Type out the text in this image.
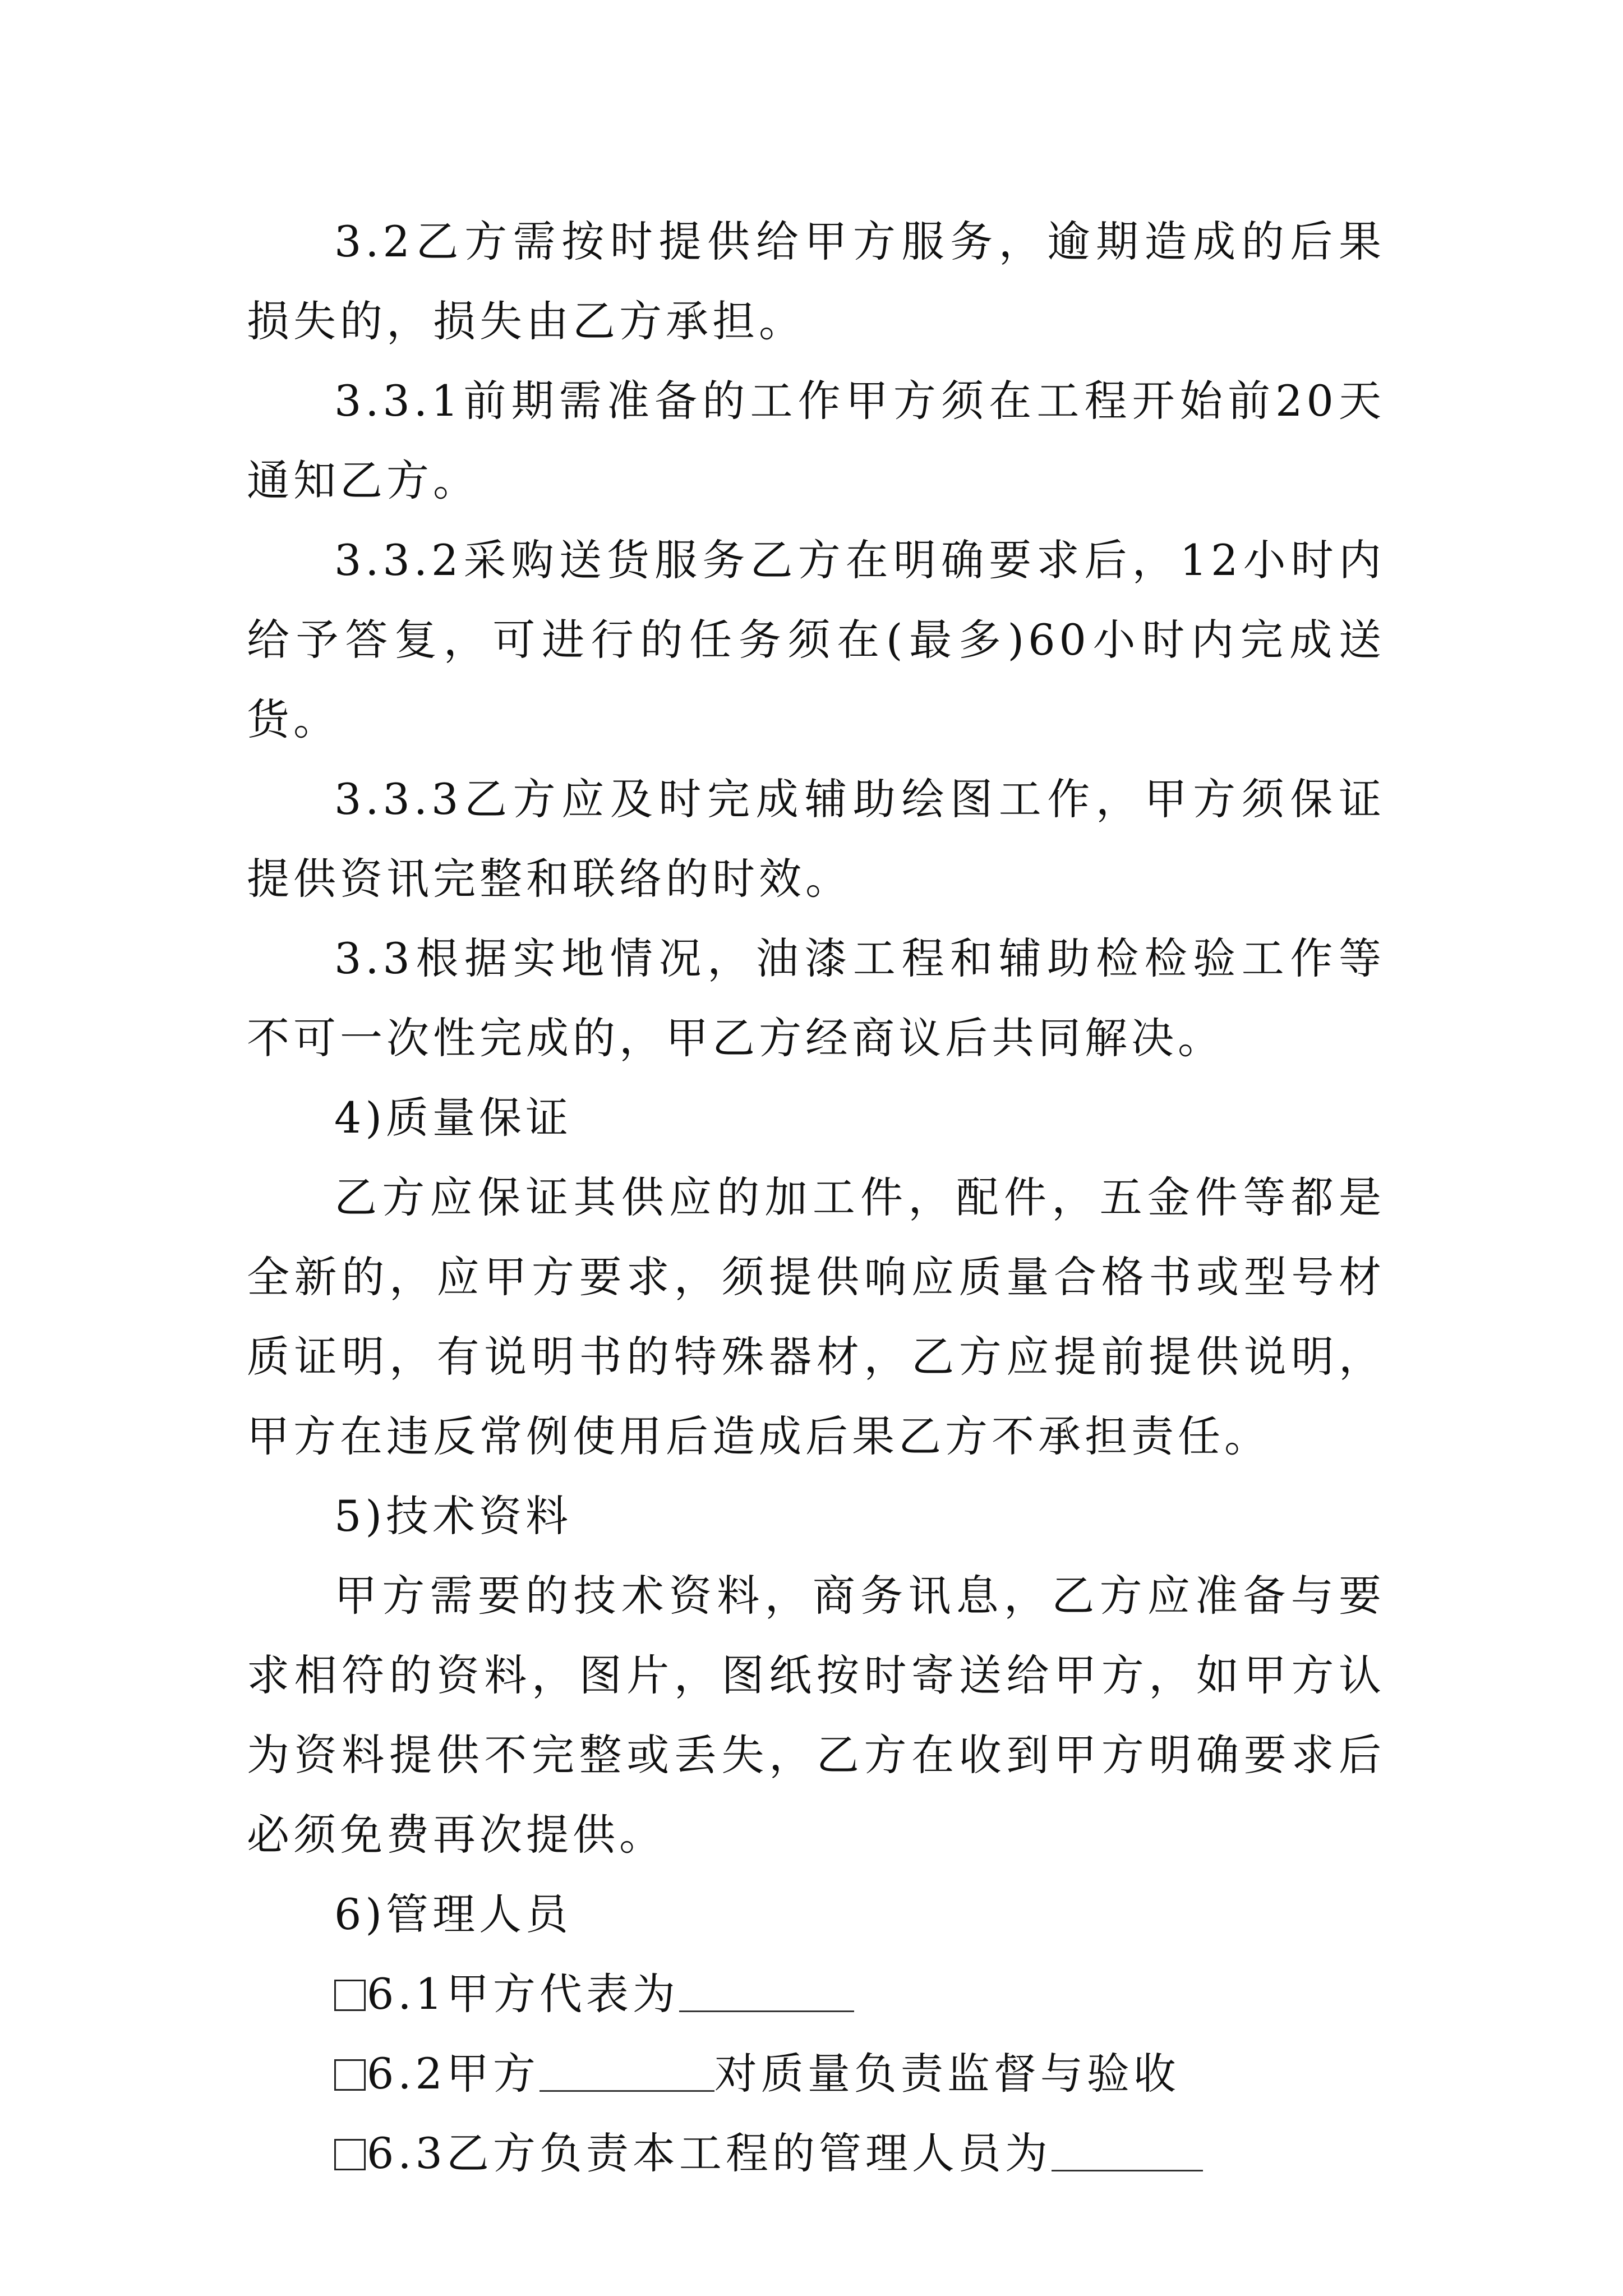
3.2乙方需按时提供给甲方服务，逾期造成的后果损失的，损失由乙方承担。

3.3.1前期需准备的工作甲方须在工程开始前20天通知乙方。

3.3.2采购送货服务乙方在明确要求后，12小时内给予答复，可进行的任务须在(最多)60小时内完成送货。

3.3.3乙方应及时完成辅助绘图工作，甲方须保证提供资讯完整和联络的时效。

3.3根据实地情况，油漆工程和辅助检检验工作等不可一次性完成的，甲乙方经商议后共同解决。

4)质量保证

乙方应保证其供应的加工件，配件，五金件等都是全新的，应甲方要求，须提供响应质量合格书或型号材质证明，有说明书的特殊器材，乙方应提前提供说明，甲方在违反常例使用后造成后果乙方不承担责任。

5)技术资料

甲方需要的技术资料，商务讯息，乙方应准备与要求相符的资料，图片，图纸按时寄送给甲方，如甲方认为资料提供不完整或丢失，乙方在收到甲方明确要求后必须免费再次提供。

6)管理人员

6.1甲方代表为
6.2甲方	对质量负责监督与验收
6.3乙方负责本工程的管理人员为
